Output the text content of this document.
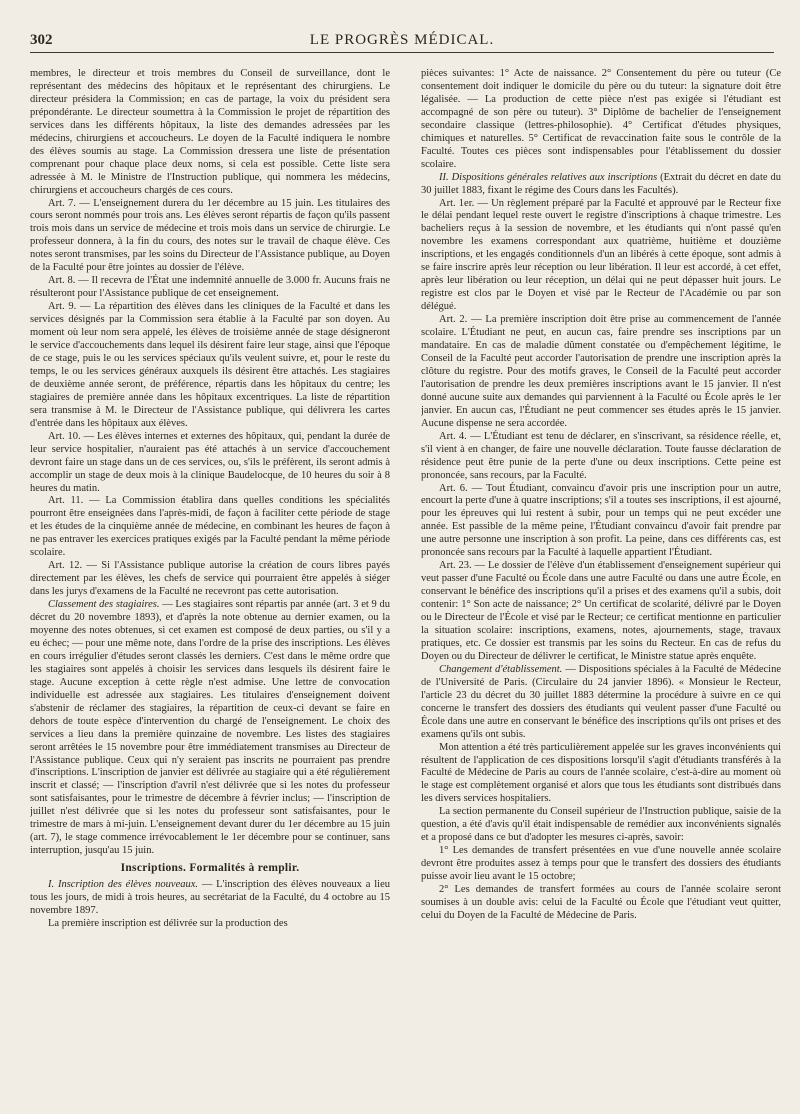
302	LE PROGRÈS MÉDICAL.

membres, le directeur et trois membres du Conseil de surveillance, dont le représentant des médecins des hôpitaux et le représentant des chirurgiens. Le directeur présidera la Commission; en cas de partage, la voix du président sera prépondérante. Le directeur soumettra à la Commission le projet de répartition des services dans les différents hôpitaux, la liste des demandes adressées par les médecins, chirurgiens et accoucheurs. Le doyen de la Faculté indiquera le nombre des élèves soumis au stage. La Commission dressera une liste de présentation comprenant pour chaque place deux noms, si cela est possible. Cette liste sera adressée à M. le Ministre de l'Instruction publique, qui nommera les médecins, chirurgiens et accoucheurs chargés de ces cours.

Art. 7. — L'enseignement durera du 1er décembre au 15 juin. Les titulaires des cours seront nommés pour trois ans. Les élèves seront répartis de façon qu'ils passent trois mois dans un service de médecine et trois mois dans un service de chirurgie. Le professeur donnera, à la fin du cours, des notes sur le travail de chaque élève. Ces notes seront transmises, par les soins du Directeur de l'Assistance publique, au Doyen de la Faculté pour être jointes au dossier de l'élève.

Art. 8. — Il recevra de l'État une indemnité annuelle de 3.000 fr. Aucuns frais ne résulteront pour l'Assistance publique de cet enseignement.

Art. 9. — La répartition des élèves dans les cliniques de la Faculté et dans les services désignés par la Commission sera établie à la Faculté par son doyen. Au moment où leur nom sera appelé, les élèves de troisième année de stage désigneront le service d'accouchements dans lequel ils désirent faire leur stage, ainsi que l'époque de ce stage, puis le ou les services spéciaux qu'ils veulent suivre, et, pour le reste du temps, le ou les services généraux auxquels ils désirent être attachés. Les stagiaires de deuxième année seront, de préférence, répartis dans les hôpitaux du centre; les stagiaires de première année dans les hôpitaux excentriques. La liste de répartition sera transmise à M. le Directeur de l'Assistance publique, qui délivrera les cartes d'entrée dans les hôpitaux aux élèves.

Art. 10. — Les élèves internes et externes des hôpitaux, qui, pendant la durée de leur service hospitalier, n'auraient pas été attachés à un service d'accouchement devront faire un stage dans un de ces services, ou, s'ils le préfèrent, ils seront admis à accomplir un stage de deux mois à la clinique Baudelocque, de 10 heures du soir à 8 heures du matin.

Art. 11. — La Commission établira dans quelles conditions les spécialités pourront être enseignées dans l'après-midi, de façon à faciliter cette période de stage et les études de la cinquième année de médecine, en combinant les heures de façon à ne pas entraver les exercices pratiques exigés par la Faculté pendant la même période scolaire.

Art. 12. — Si l'Assistance publique autorise la création de cours libres payés directement par les élèves, les chefs de service qui pourraient être appelés à siéger dans les jurys d'examens de la Faculté ne recevront pas cette autorisation.

Classement des stagiaires. — Les stagiaires sont répartis par année (art. 3 et 9 du décret du 20 novembre 1893), et d'après la note obtenue au dernier examen, ou la moyenne des notes obtenues, si cet examen est composé de deux parties, ou s'il y a eu échec; — pour une même note, dans l'ordre de la prise des inscriptions. Les élèves en cours irrégulier d'études seront classés les derniers. C'est dans le même ordre que les stagiaires sont appelés à choisir les services dans lesquels ils désirent faire le stage. Aucune exception à cette règle n'est admise. Une lettre de convocation individuelle est adressée aux stagiaires. Les titulaires d'enseignement doivent s'abstenir de réclamer des stagiaires, la répartition de ceux-ci devant se faire en dehors de toute espèce d'intervention du chargé de l'enseignement. Le choix des services a lieu dans la première quinzaine de novembre. Les listes des stagiaires seront arrêtées le 15 novembre pour être immédiatement transmises au Directeur de l'Assistance publique. Ceux qui n'y seraient pas inscrits ne pourraient pas prendre d'inscriptions. L'inscription de janvier est délivrée au stagiaire qui a été régulièrement inscrit et classé; — l'inscription d'avril n'est délivrée que si les notes du professeur sont satisfaisantes, pour le trimestre de décembre à février inclus; — l'inscription de juillet n'est délivrée que si les notes du professeur sont satisfaisantes, pour le trimestre de mars à mi-juin. L'enseignement devant durer du 1er décembre au 15 juin (art. 7), le stage commence irrévocablement le 1er décembre pour se continuer, sans interruption, jusqu'au 15 juin.

Inscriptions. Formalités à remplir.

I. Inscription des élèves nouveaux. — L'inscription des élèves nouveaux a lieu tous les jours, de midi à trois heures, au secrétariat de la Faculté, du 4 octobre au 15 novembre 1897.

La première inscription est délivrée sur la production des

pièces suivantes: 1° Acte de naissance. 2° Consentement du père ou tuteur (Ce consentement doit indiquer le domicile du père ou du tuteur: la signature doit être légalisée. — La production de cette pièce n'est pas exigée si l'étudiant est accompagné de son père ou tuteur). 3° Diplôme de bachelier de l'enseignement secondaire classique (lettres-philosophie). 4° Certificat d'études physiques, chimiques et naturelles. 5° Certificat de revaccination faite sous le contrôle de la Faculté. Toutes ces pièces sont indispensables pour l'établissement du dossier scolaire.

II. Dispositions générales relatives aux inscriptions (Extrait du décret en date du 30 juillet 1883, fixant le régime des Cours dans les Facultés).

Art. 1er. — Un règlement préparé par la Faculté et approuvé par le Recteur fixe le délai pendant lequel reste ouvert le registre d'inscriptions à chaque trimestre. Les bacheliers reçus à la session de novembre, et les étudiants qui n'ont passé qu'en novembre les examens correspondant aux quatrième, huitième et douzième inscriptions, et les engagés conditionnels d'un an libérés à cette époque, sont admis à se faire inscrire après leur réception ou leur libération. Il leur est accordé, à cet effet, après leur libération ou leur réception, un délai qui ne peut dépasser huit jours. Le registre est clos par le Doyen et visé par le Recteur de l'Académie ou par son délégué.

Art. 2. — La première inscription doit être prise au commencement de l'année scolaire. L'Étudiant ne peut, en aucun cas, faire prendre ses inscriptions par un mandataire. En cas de maladie dûment constatée ou d'empêchement légitime, le Conseil de la Faculté peut accorder l'autorisation de prendre une inscription après la clôture du registre. Pour des motifs graves, le Conseil de la Faculté peut accorder l'autorisation de prendre les deux premières inscriptions avant le 15 janvier. Il n'est donné aucune suite aux demandes qui parviennent à la Faculté ou École après le 1er janvier. En aucun cas, l'Étudiant ne peut commencer ses études après le 15 janvier. Aucune dispense ne sera accordée.

Art. 4. — L'Étudiant est tenu de déclarer, en s'inscrivant, sa résidence réelle, et, s'il vient à en changer, de faire une nouvelle déclaration. Toute fausse déclaration de résidence peut être punie de la perte d'une ou deux inscriptions. Cette peine est prononcée, sans recours, par la Faculté.

Art. 6. — Tout Étudiant, convaincu d'avoir pris une inscription pour un autre, encourt la perte d'une à quatre inscriptions; s'il a toutes ses inscriptions, il est ajourné, pour les épreuves qui lui restent à subir, pour un temps qui ne peut excéder une année. Est passible de la même peine, l'Étudiant convaincu d'avoir fait prendre par une autre personne une inscription à son profit. La peine, dans ces différents cas, est prononcée sans recours par la Faculté à laquelle appartient l'Étudiant.

Art. 23. — Le dossier de l'élève d'un établissement d'enseignement supérieur qui veut passer d'une Faculté ou École dans une autre Faculté ou dans une autre École, en conservant le bénéfice des inscriptions qu'il a prises et des examens qu'il a subis, doit contenir: 1° Son acte de naissance; 2° Un certificat de scolarité, délivré par le Doyen ou le Directeur de l'École et visé par le Recteur; ce certificat mentionne en particulier la situation scolaire: inscriptions, examens, notes, ajournements, stage, travaux pratiques, etc. Ce dossier est transmis par les soins du Recteur. En cas de refus du Doyen ou du Directeur de délivrer le certificat, le Ministre statue après enquête.

Changement d'établissement. — Dispositions spéciales à la Faculté de Médecine de l'Université de Paris. (Circulaire du 24 janvier 1896). « Monsieur le Recteur, l'article 23 du décret du 30 juillet 1883 détermine la procédure à suivre en ce qui concerne le transfert des dossiers des étudiants qui veulent passer d'une Faculté ou École dans une autre en conservant le bénéfice des inscriptions qu'ils ont prises et des examens qu'ils ont subis.

Mon attention a été très particulièrement appelée sur les graves inconvénients qui résultent de l'application de ces dispositions lorsqu'il s'agit d'étudiants transférés à la Faculté de Médecine de Paris au cours de l'année scolaire, c'est-à-dire au moment où le stage est complètement organisé et alors que tous les étudiants sont distribués dans les divers services hospitaliers.

La section permanente du Conseil supérieur de l'Instruction publique, saisie de la question, a été d'avis qu'il était indispensable de remédier aux inconvénients signalés et a proposé dans ce but d'adopter les mesures ci-après, savoir:

1° Les demandes de transfert présentées en vue d'une nouvelle année scolaire devront être produites assez à temps pour que le transfert des dossiers des étudiants puisse avoir lieu avant le 15 octobre;

2° Les demandes de transfert formées au cours de l'année scolaire seront soumises à un double avis: celui de la Faculté ou École que l'étudiant veut quitter, celui du Doyen de la Faculté de Médecine de Paris.
